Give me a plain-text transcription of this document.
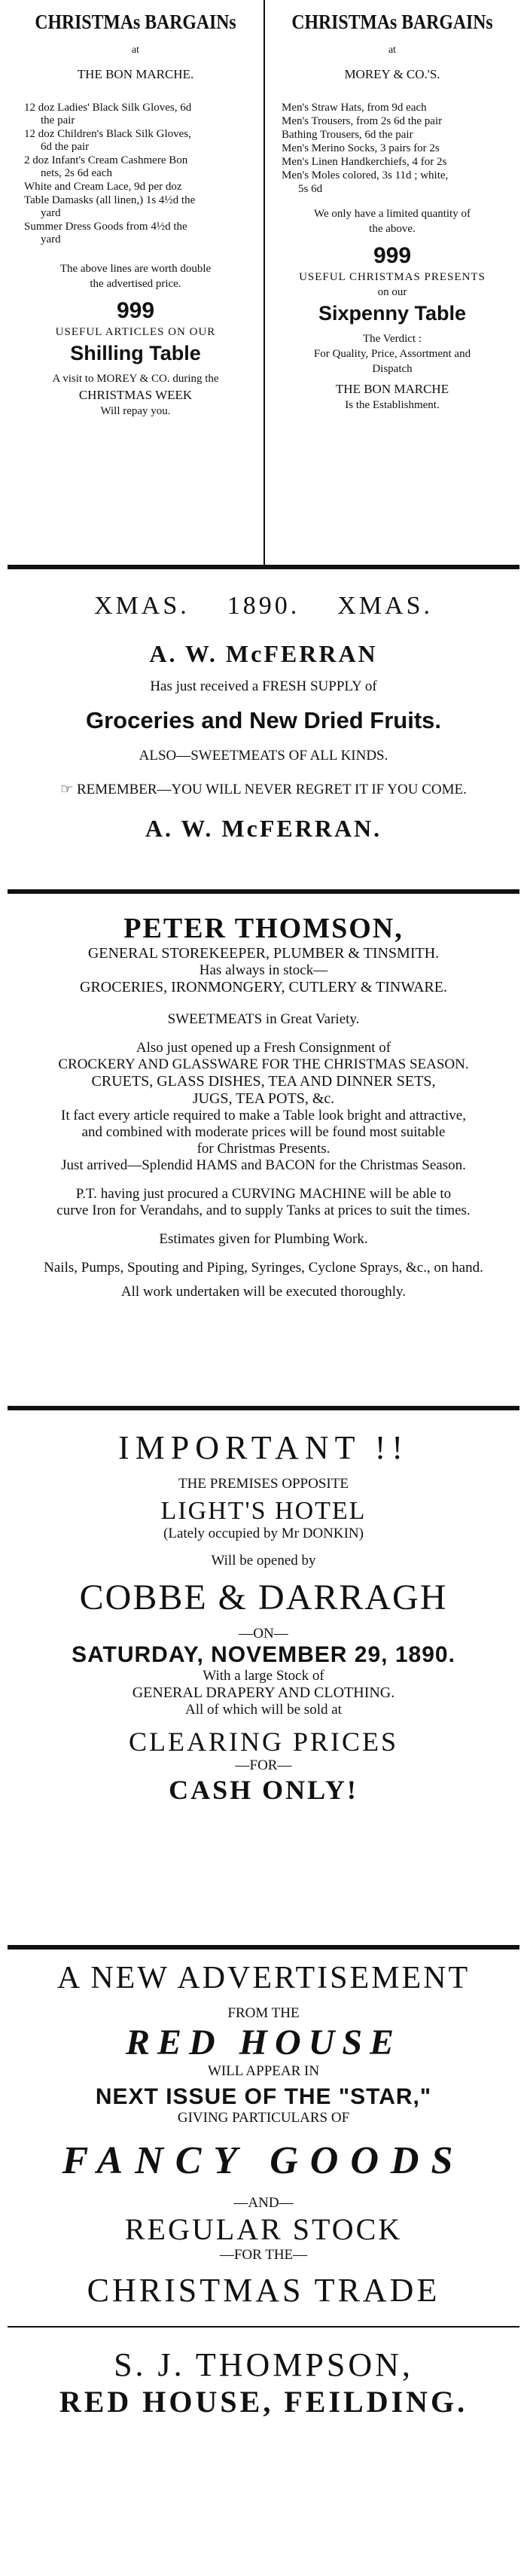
CHRISTMAs BARGAINs
at
THE BON MARCHE.
12 doz Ladies' Black Silk Gloves, 6d
the pair
12 doz Children's Black Silk Gloves,
6d the pair
2 doz Infant's Cream Cashmere Bon
nets, 2s 6d each
White and Cream Lace, 9d per doz
Table Damasks (all linen,) 1s 4½d the
yard
Summer Dress Goods from 4½d the
yard
The above lines are worth double
the advertised price.
999
USEFUL ARTICLES ON OUR
Shilling Table
A visit to MOREY & CO. during the
CHRISTMAS WEEK
Will repay you.
CHRISTMAs BARGAINs
at
MOREY & CO.'S.
Men's Straw Hats, from 9d each
Men's Trousers, from 2s 6d the pair
Bathing Trousers, 6d the pair
Men's Merino Socks, 3 pairs for 2s
Men's Linen Handkerchiefs, 4 for 2s
Men's Moles colored, 3s 11d ; white,
5s 6d
We only have a limited quantity of
the above.
999
USEFUL CHRISTMAS PRESENTS
on our
Sixpenny Table
The Verdict :
For Quality, Price, Assortment and
Dispatch
THE BON MARCHE
Is the Establishment.
XMAS.    1890.    XMAS.
A. W. McFERRAN
Has just received a FRESH SUPPLY of
Groceries and New Dried Fruits.
ALSO—SWEETMEATS OF ALL KINDS.
☞ REMEMBER—YOU WILL NEVER REGRET IT IF YOU COME.
A. W. McFERRAN.
PETER THOMSON,
GENERAL STOREKEEPER, PLUMBER & TINSMITH.
Has always in stock—
GROCERIES, IRONMONGERY, CUTLERY & TINWARE.
SWEETMEATS in Great Variety.
Also just opened up a Fresh Consignment of
CROCKERY AND GLASSWARE FOR THE CHRISTMAS SEASON.
CRUETS, GLASS DISHES, TEA AND DINNER SETS,
JUGS, TEA POTS, &c.
It fact every article required to make a Table look bright and attractive,
and combined with moderate prices will be found most suitable
for Christmas Presents.
Just arrived—Splendid HAMS and BACON for the Christmas Season.
P.T. having just procured a CURVING MACHINE will be able to
curve Iron for Verandahs, and to supply Tanks at prices to suit the times.
Estimates given for Plumbing Work.
Nails, Pumps, Spouting and Piping, Syringes, Cyclone Sprays, &c., on hand.
All work undertaken will be executed thoroughly.
IMPORTANT !!
THE PREMISES OPPOSITE
LIGHT'S HOTEL
(Lately occupied by Mr DONKIN)
Will be opened by
COBBE & DARRAGH
—ON—
SATURDAY, NOVEMBER 29, 1890.
With a large Stock of
GENERAL DRAPERY AND CLOTHING.
All of which will be sold at
CLEARING PRICES
—FOR—
CASH ONLY!
A NEW ADVERTISEMENT
FROM THE
RED HOUSE
WILL APPEAR IN
NEXT ISSUE OF THE "STAR,"
GIVING PARTICULARS OF
FANCY GOODS
—AND—
REGULAR STOCK
—FOR THE—
CHRISTMAS TRADE
S. J. THOMPSON,
RED HOUSE, FEILDING.
